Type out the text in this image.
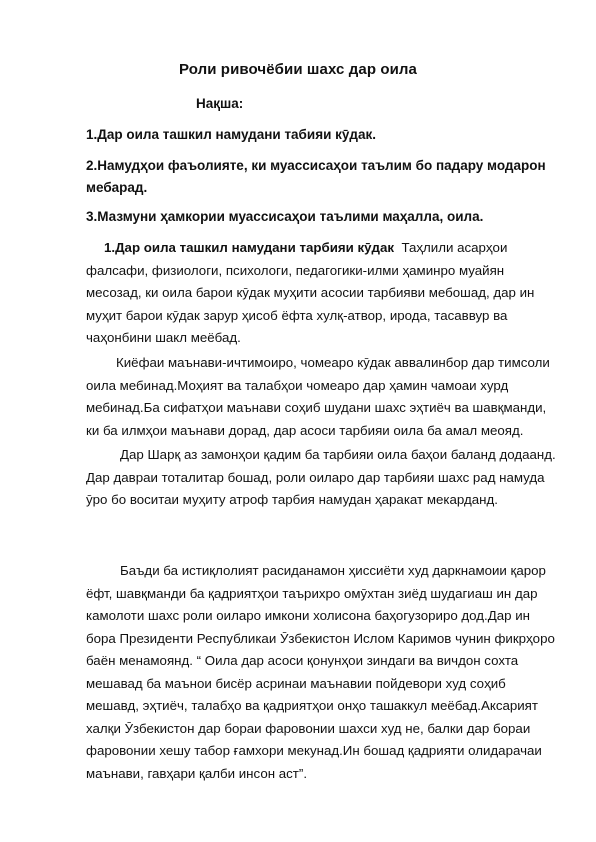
Роли ривочёбии шахс дар оила
Нақша:
1.Дар оила ташкил намудани табияи кӯдак.
2.Намудҳои фаъолияте, ки муассисаҳои таълим бо падару модарон мебарад.
3.Мазмуни ҳамкории муассисаҳои таълими маҳалла, оила.

1.Дар оила ташкил намудани тарбияи кӯдак Таҳлили асарҳои фалсафи, физиологи, психологи, педагогики-илми ҳаминро муайян месозад, ки оила барои кӯдак муҳити асосии тарбияви мебошад, дар ин муҳит барои кӯдак зарур ҳисоб ёфта хулқ-атвор, ирода, тасаввур ва чаҳонбини шакл меёбад.

Киёфаи маънави-ичтимоиро, чомеаро кӯдак аввалинбор дар тимсоли оила мебинад.Моҳият ва талабҳои чомеаро дар ҳамин чамоаи хурд мебинад.Ба сифатҳои маънави соҳиб шудани шахс эҳтиёч ва шавқманди, ки ба илмҳои маънави дорад, дар асоси тарбияи оила ба амал меояд.

Дар Шарқ аз замонҳои қадим ба тарбияи оила баҳои баланд додаанд. Дар давраи тоталитар бошад, роли оиларо дар тарбияи шахс рад намуда ӯро бо воситаи муҳиту атроф тарбия намудан ҳаракат мекарданд.

Баъди ба истиқлолият расиданамон ҳиссиёти худ даркнамоии қарор ёфт, шавқманди ба қадриятҳои таърихро омӯхтан зиёд шудагиаш ин дар камолоти шахс роли оиларо имкони холисона баҳогузориро дод.Дар ин бора Президенти Республикаи Ӯзбекистон Ислом Каримов чунин фикрҳоро баён менамоянд. “ Оила дар асоси қонунҳои зиндаги ва вичдон сохта мешавад ба маънои бисёр асринаи маънавии пойдевори худ соҳиб мешавд, эҳтиёч, талабҳо ва қадриятҳои онҳо ташаккул меёбад.Аксарият халқи Ӯзбекистон дар бораи фаровонии шахси худ не, балки дар бораи фаровонии хешу табор ғамхори мекунад.Ин бошад қадрияти олидарачаи маънави, гавҳари қалби инсон аст”.
